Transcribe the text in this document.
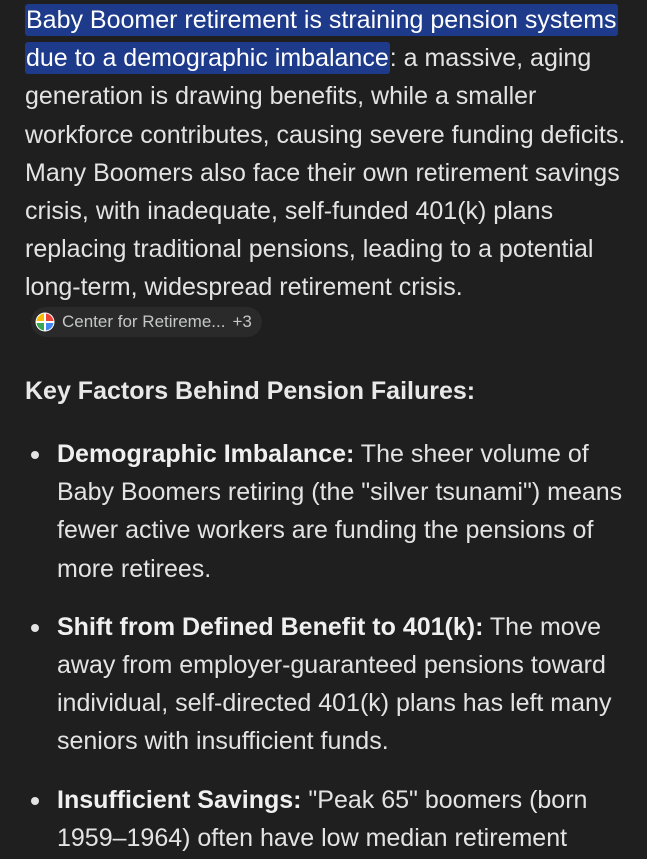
Baby Boomer retirement is straining pension systems due to a demographic imbalance: a massive, aging generation is drawing benefits, while a smaller workforce contributes, causing severe funding deficits. Many Boomers also face their own retirement savings crisis, with inadequate, self-funded 401(k) plans replacing traditional pensions, leading to a potential long-term, widespread retirement crisis.
Center for Retireme... +3

Key Factors Behind Pension Failures:
Demographic Imbalance: The sheer volume of Baby Boomers retiring (the "silver tsunami") means fewer active workers are funding the pensions of more retirees.
Shift from Defined Benefit to 401(k): The move away from employer-guaranteed pensions toward individual, self-directed 401(k) plans has left many seniors with insufficient funds.
Insufficient Savings: "Peak 65" boomers (born 1959–1964) often have low median retirement
